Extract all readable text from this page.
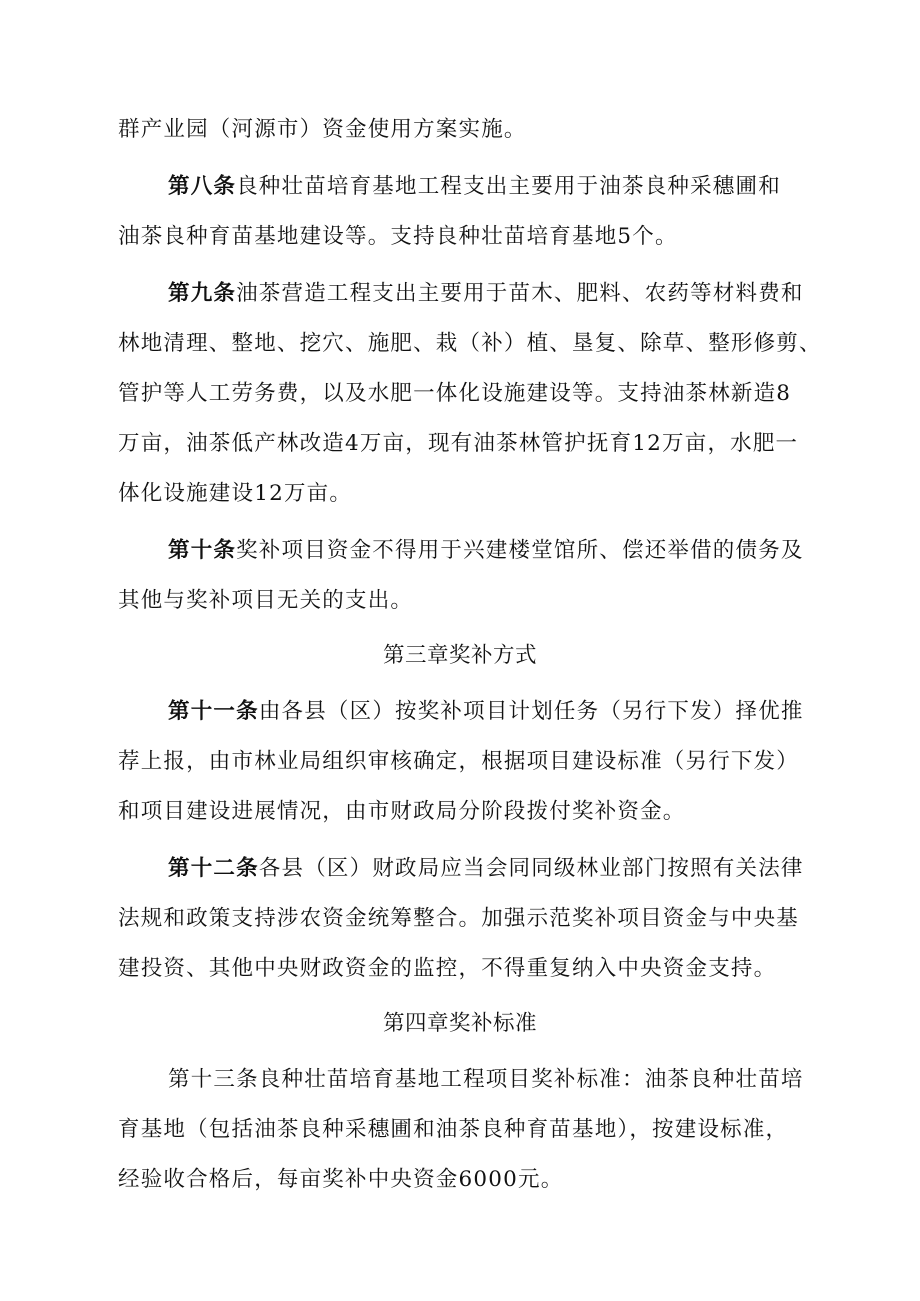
群产业园（河源市）资金使用方案实施。
第八条良种壮苗培育基地工程支出主要用于油茶良种采穗圃和
油茶良种育苗基地建设等。支持良种壮苗培育基地5个。
第九条油茶营造工程支出主要用于苗木、肥料、农药等材料费和
林地清理、整地、挖穴、施肥、栽（补）植、垦复、除草、整形修剪、
管护等人工劳务费，以及水肥一体化设施建设等。支持油茶林新造8
万亩，油茶低产林改造4万亩，现有油茶林管护抚育12万亩，水肥一
体化设施建设12万亩。
第十条奖补项目资金不得用于兴建楼堂馆所、偿还举借的债务及
其他与奖补项目无关的支出。
第三章奖补方式
第十一条由各县（区）按奖补项目计划任务（另行下发）择优推
荐上报，由市林业局组织审核确定，根据项目建设标准（另行下发）
和项目建设进展情况，由市财政局分阶段拨付奖补资金。
第十二条各县（区）财政局应当会同同级林业部门按照有关法律
法规和政策支持涉农资金统筹整合。加强示范奖补项目资金与中央基
建投资、其他中央财政资金的监控，不得重复纳入中央资金支持。
第四章奖补标准
第十三条良种壮苗培育基地工程项目奖补标准：油茶良种壮苗培
育基地（包括油茶良种采穗圃和油茶良种育苗基地），按建设标准，
经验收合格后，每亩奖补中央资金6000元。
